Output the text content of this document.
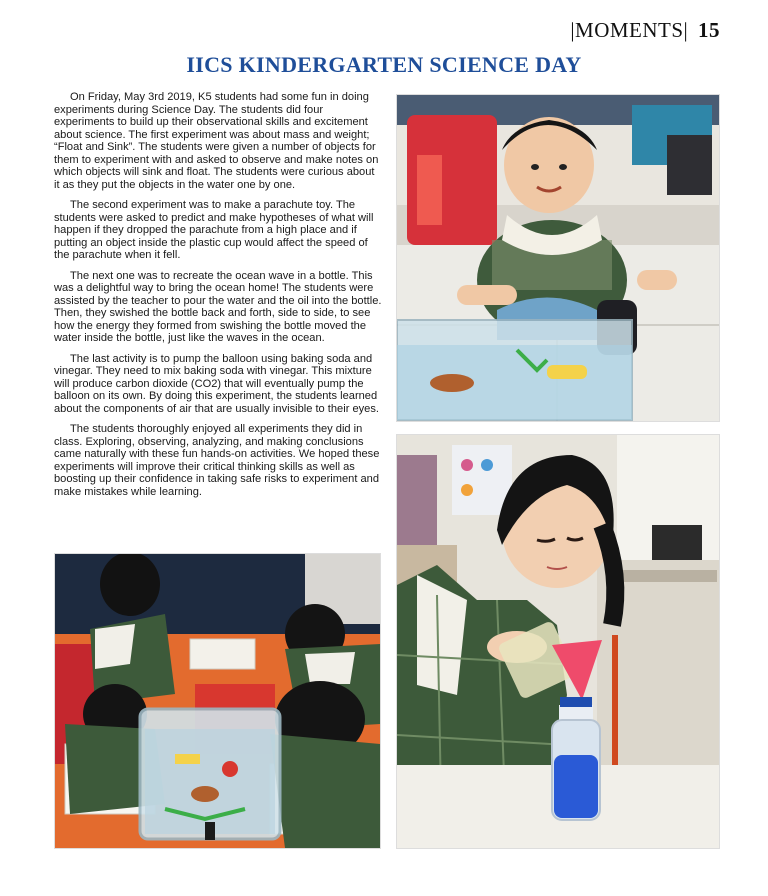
|MOMENTS| 15
IICS KINDERGARTEN SCIENCE DAY

On Friday, May 3rd 2019, K5 students had some fun in doing experiments during Science Day. The students did four experiments to build up their observational skills and excitement about science. The first experiment was about mass and weight; “Float and Sink”. The students were given a number of objects for them to experiment with and asked to observe and make notes on which objects will sink and float. The students were curious about it as they put the objects in the water one by one.

The second experiment was to make a parachute toy. The students were asked to predict and make hypotheses of what will happen if they dropped the parachute from a high place and if putting an object inside the plastic cup would affect the speed of the parachute when it fell.

The next one was to recreate the ocean wave in a bottle. This was a delightful way to bring the ocean home! The students were assisted by the teacher to pour the water and the oil into the bottle. Then, they swished the bottle back and forth, side to side, to see how the energy they formed from swishing the bottle moved the water inside the bottle, just like the waves in the ocean.

The last activity is to pump the balloon using baking soda and vinegar. They need to mix baking soda with vinegar. This mixture will produce carbon dioxide (CO2) that will eventually pump the balloon on its own. By doing this experiment, the students learned about the components of air that are usually invisible to their eyes.

The students thoroughly enjoyed all experiments they did in class. Exploring, observing, analyzing, and making conclusions came naturally with these fun hands-on activities. We hoped these experiments will improve their critical thinking skills as well as boosting up their confidence in taking safe risks to experiment and make mistakes while learning.
